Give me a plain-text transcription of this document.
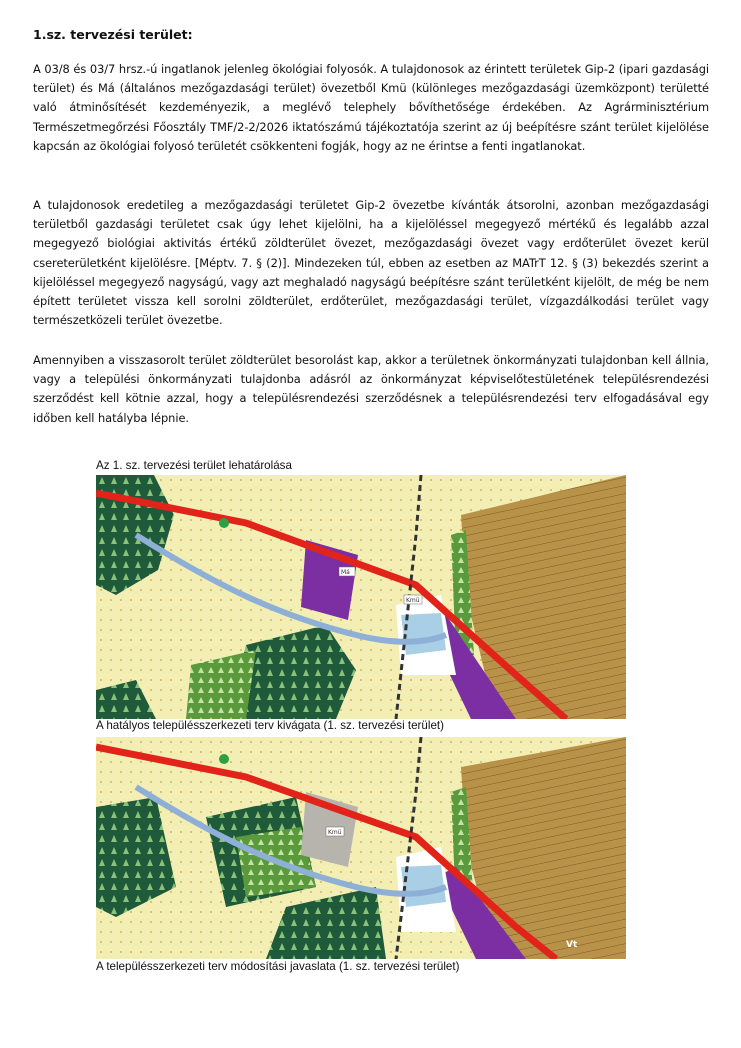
1.sz. tervezési terület:

A 03/8 és 03/7 hrsz.-ú ingatlanok jelenleg ökológiai folyosók. A tulajdonosok az érintett területek Gip-2 (ipari gazdasági terület) és Má (általános mezőgazdasági terület) övezetből Kmü (különleges mezőgazdasági üzemközpont) területté való átminősítését kezdeményezik, a meglévő telephely bővíthetősége érdekében. Az Agrárminisztérium Természetmegőrzési Főosztály TMF/2-2/2026 iktatószámú tájékoztatója szerint az új beépítésre szánt terület kijelölése kapcsán az ökológiai folyosó területét csökkenteni fogják, hogy az ne érintse a fenti ingatlanokat.

A tulajdonosok eredetileg a mezőgazdasági területet Gip-2 övezetbe kívánták átsorolni, azonban mezőgazdasági területből gazdasági területet csak úgy lehet kijelölni, ha a kijelöléssel megegyező mértékű és legalább azzal megegyező biológiai aktivitás értékű zöldterület övezet, mezőgazdasági övezet vagy erdőterület övezet kerül csereterületként kijelölésre. [Méptv. 7. § (2)]. Mindezeken túl, ebben az esetben az MATrT 12. § (3) bekezdés szerint a kijelöléssel megegyező nagyságú, vagy azt meghaladó nagyságú beépítésre szánt területként kijelölt, de még be nem épített területet vissza kell sorolni zöldterület, erdőterület, mezőgazdasági terület, vízgazdálkodási terület vagy természetközeli terület övezetbe.

Amennyiben a visszasorolt terület zöldterület besorolást kap, akkor a területnek önkormányzati tulajdonban kell állnia, vagy a települési önkormányzati tulajdonba adásról az önkormányzat képviselőtestületének településrendezési szerződést kell kötnie azzal, hogy a településrendezési szerződésnek a településrendezési terv elfogadásával egy időben kell hatályba lépnie.

Az 1. sz. tervezési terület lehatárolása
Má
Kmü
A hatályos településszerkezeti terv kivágata (1. sz. tervezési terület)
Kmü
Vt
A településszerkezeti terv módosítási javaslata (1. sz. tervezési terület)
